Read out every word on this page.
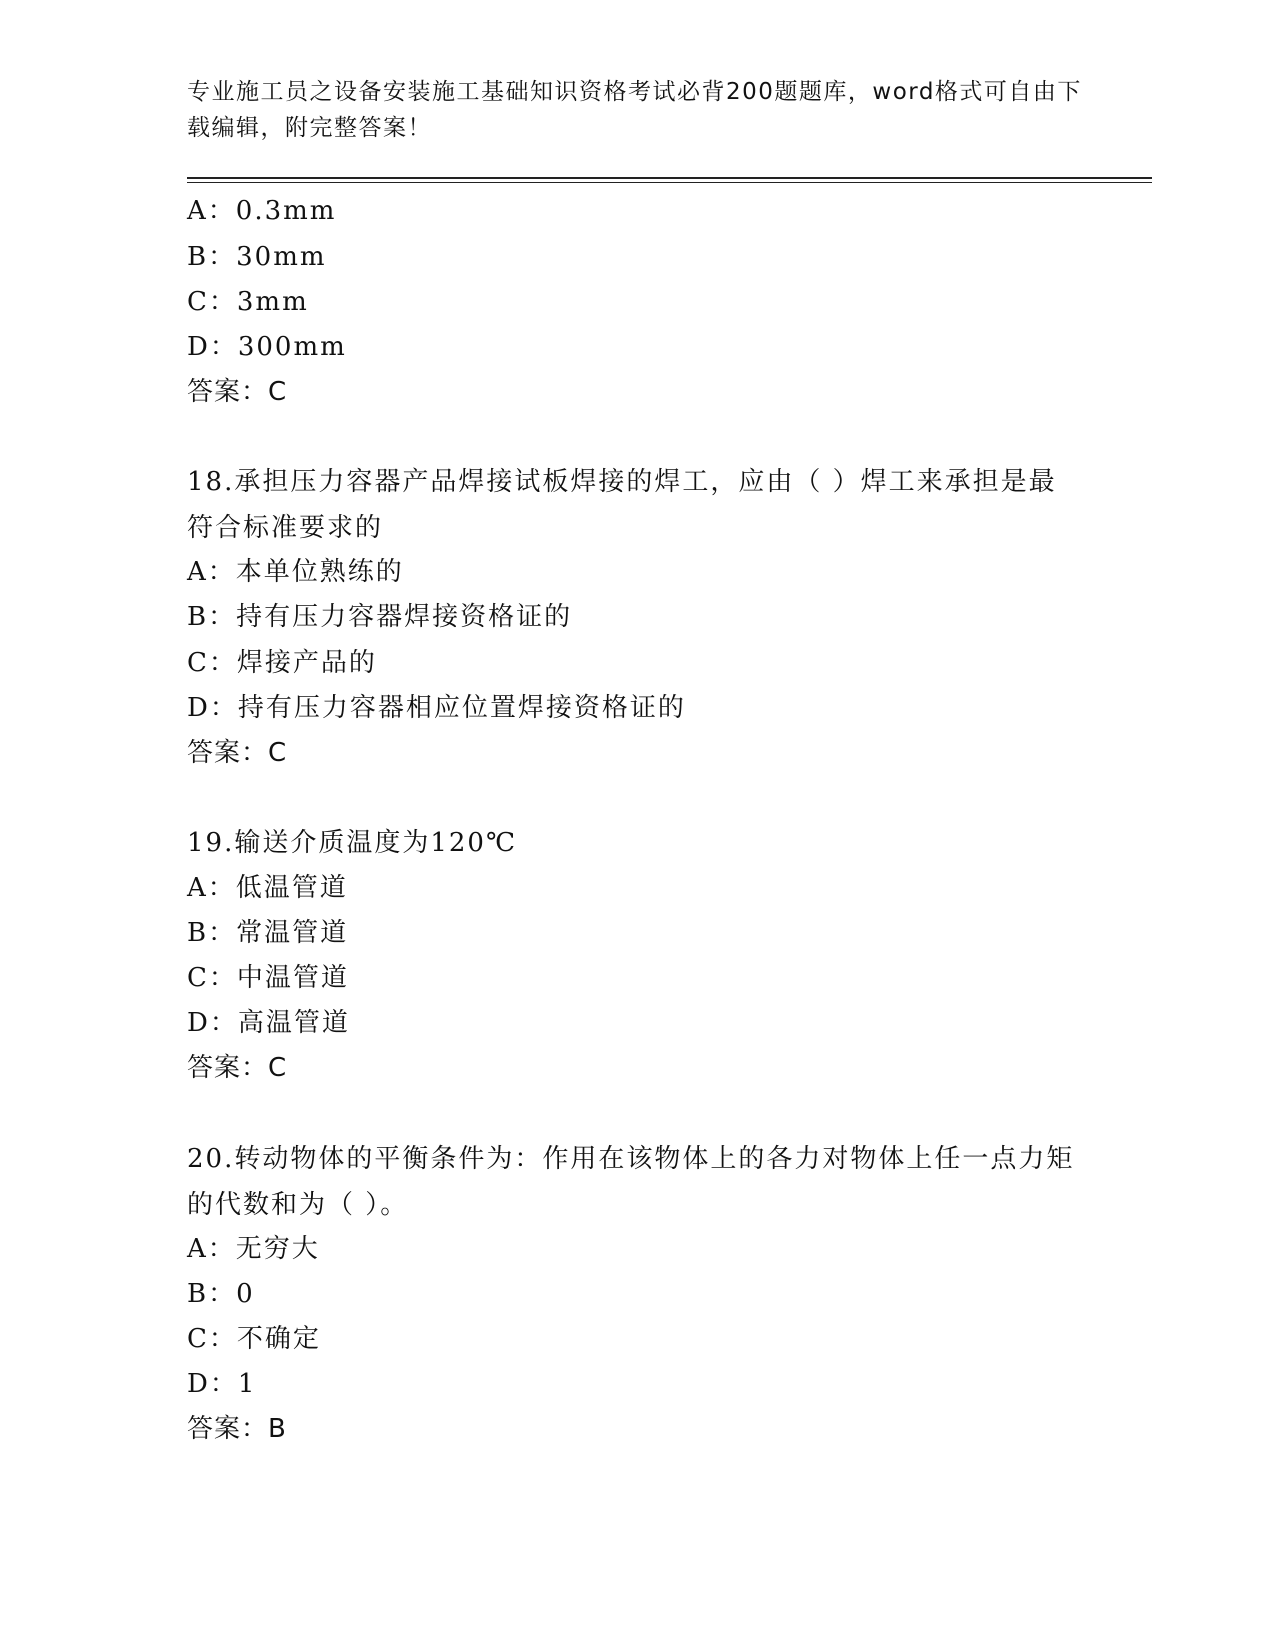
专业施工员之设备安装施工基础知识资格考试必背200题题库，word格式可自由下载编辑，附完整答案！
A：0.3mm
B：30mm
C：3mm
D：300mm
答案：C
18.承担压力容器产品焊接试板焊接的焊工，应由（ ）焊工来承担是最符合标准要求的
A：本单位熟练的
B：持有压力容器焊接资格证的
C：焊接产品的
D：持有压力容器相应位置焊接资格证的
答案：C
19.输送介质温度为120℃
A：低温管道
B：常温管道
C：中温管道
D：高温管道
答案：C
20.转动物体的平衡条件为：作用在该物体上的各力对物体上任一点力矩的代数和为（ ）。
A：无穷大
B：0
C：不确定
D：1
答案：B
